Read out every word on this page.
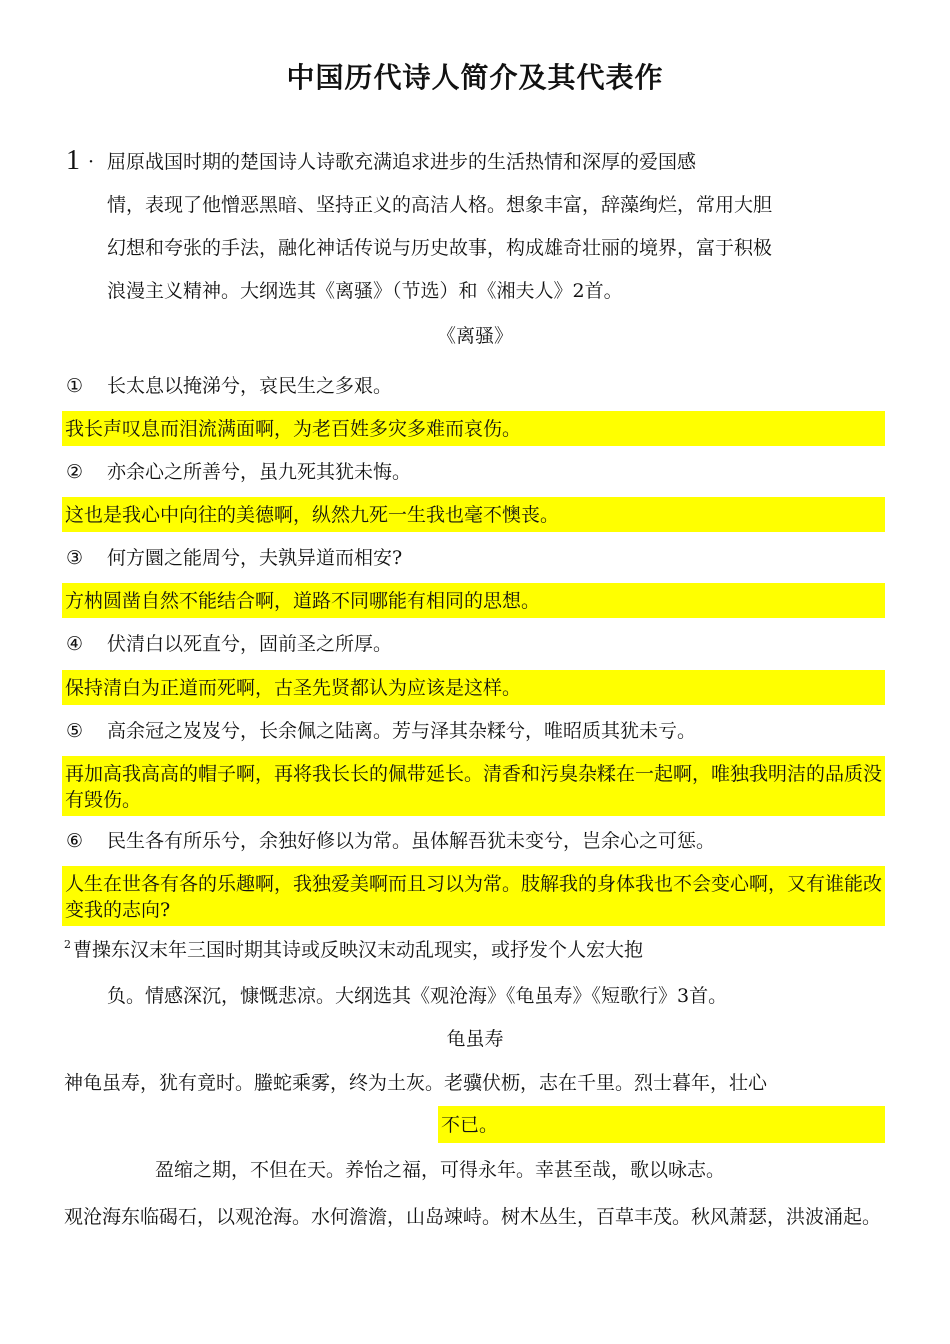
中国历代诗人简介及其代表作
1 · 屈原战国时期的楚国诗人诗歌充满追求进步的生活热情和深厚的爱国感
情，表现了他憎恶黑暗、坚持正义的高洁人格。想象丰富，辞藻绚烂，常用大胆
幻想和夸张的手法，融化神话传说与历史故事，构成雄奇壮丽的境界，富于积极
浪漫主义精神。大纲选其《离骚》（节选）和《湘夫人》2首。
《离骚》
① 长太息以掩涕兮，哀民生之多艰。
我长声叹息而泪流满面啊，为老百姓多灾多难而哀伤。
② 亦余心之所善兮，虽九死其犹未悔。
这也是我心中向往的美德啊，纵然九死一生我也毫不懊丧。
③ 何方圜之能周兮，夫孰异道而相安?
方枘圆凿自然不能结合啊，道路不同哪能有相同的思想。
④ 伏清白以死直兮，固前圣之所厚。
保持清白为正道而死啊，古圣先贤都认为应该是这样。
⑤ 高余冠之岌岌兮，长余佩之陆离。芳与泽其杂糅兮，唯昭质其犹未亏。
再加高我高高的帽子啊，再将我长长的佩带延长。清香和污臭杂糅在一起啊，唯独我明洁的品质没有毁伤。
⑥ 民生各有所乐兮，余独好修以为常。虽体解吾犹未变兮，岂余心之可惩。
人生在世各有各的乐趣啊，我独爱美啊而且习以为常。肢解我的身体我也不会变心啊，又有谁能改变我的志向?
2 曹操东汉末年三国时期其诗或反映汉末动乱现实，或抒发个人宏大抱
负。情感深沉，慷慨悲凉。大纲选其《观沧海》《龟虽寿》《短歌行》3首。
龟虽寿
神龟虽寿，犹有竟时。螣蛇乘雾，终为土灰。老骥伏枥，志在千里。烈士暮年，壮心
不已。
盈缩之期，不但在天。养怡之福，可得永年。幸甚至哉，歌以咏志。
观沧海东临碣石，以观沧海。水何澹澹，山岛竦峙。树木丛生，百草丰茂。秋风萧瑟，洪波涌起。
